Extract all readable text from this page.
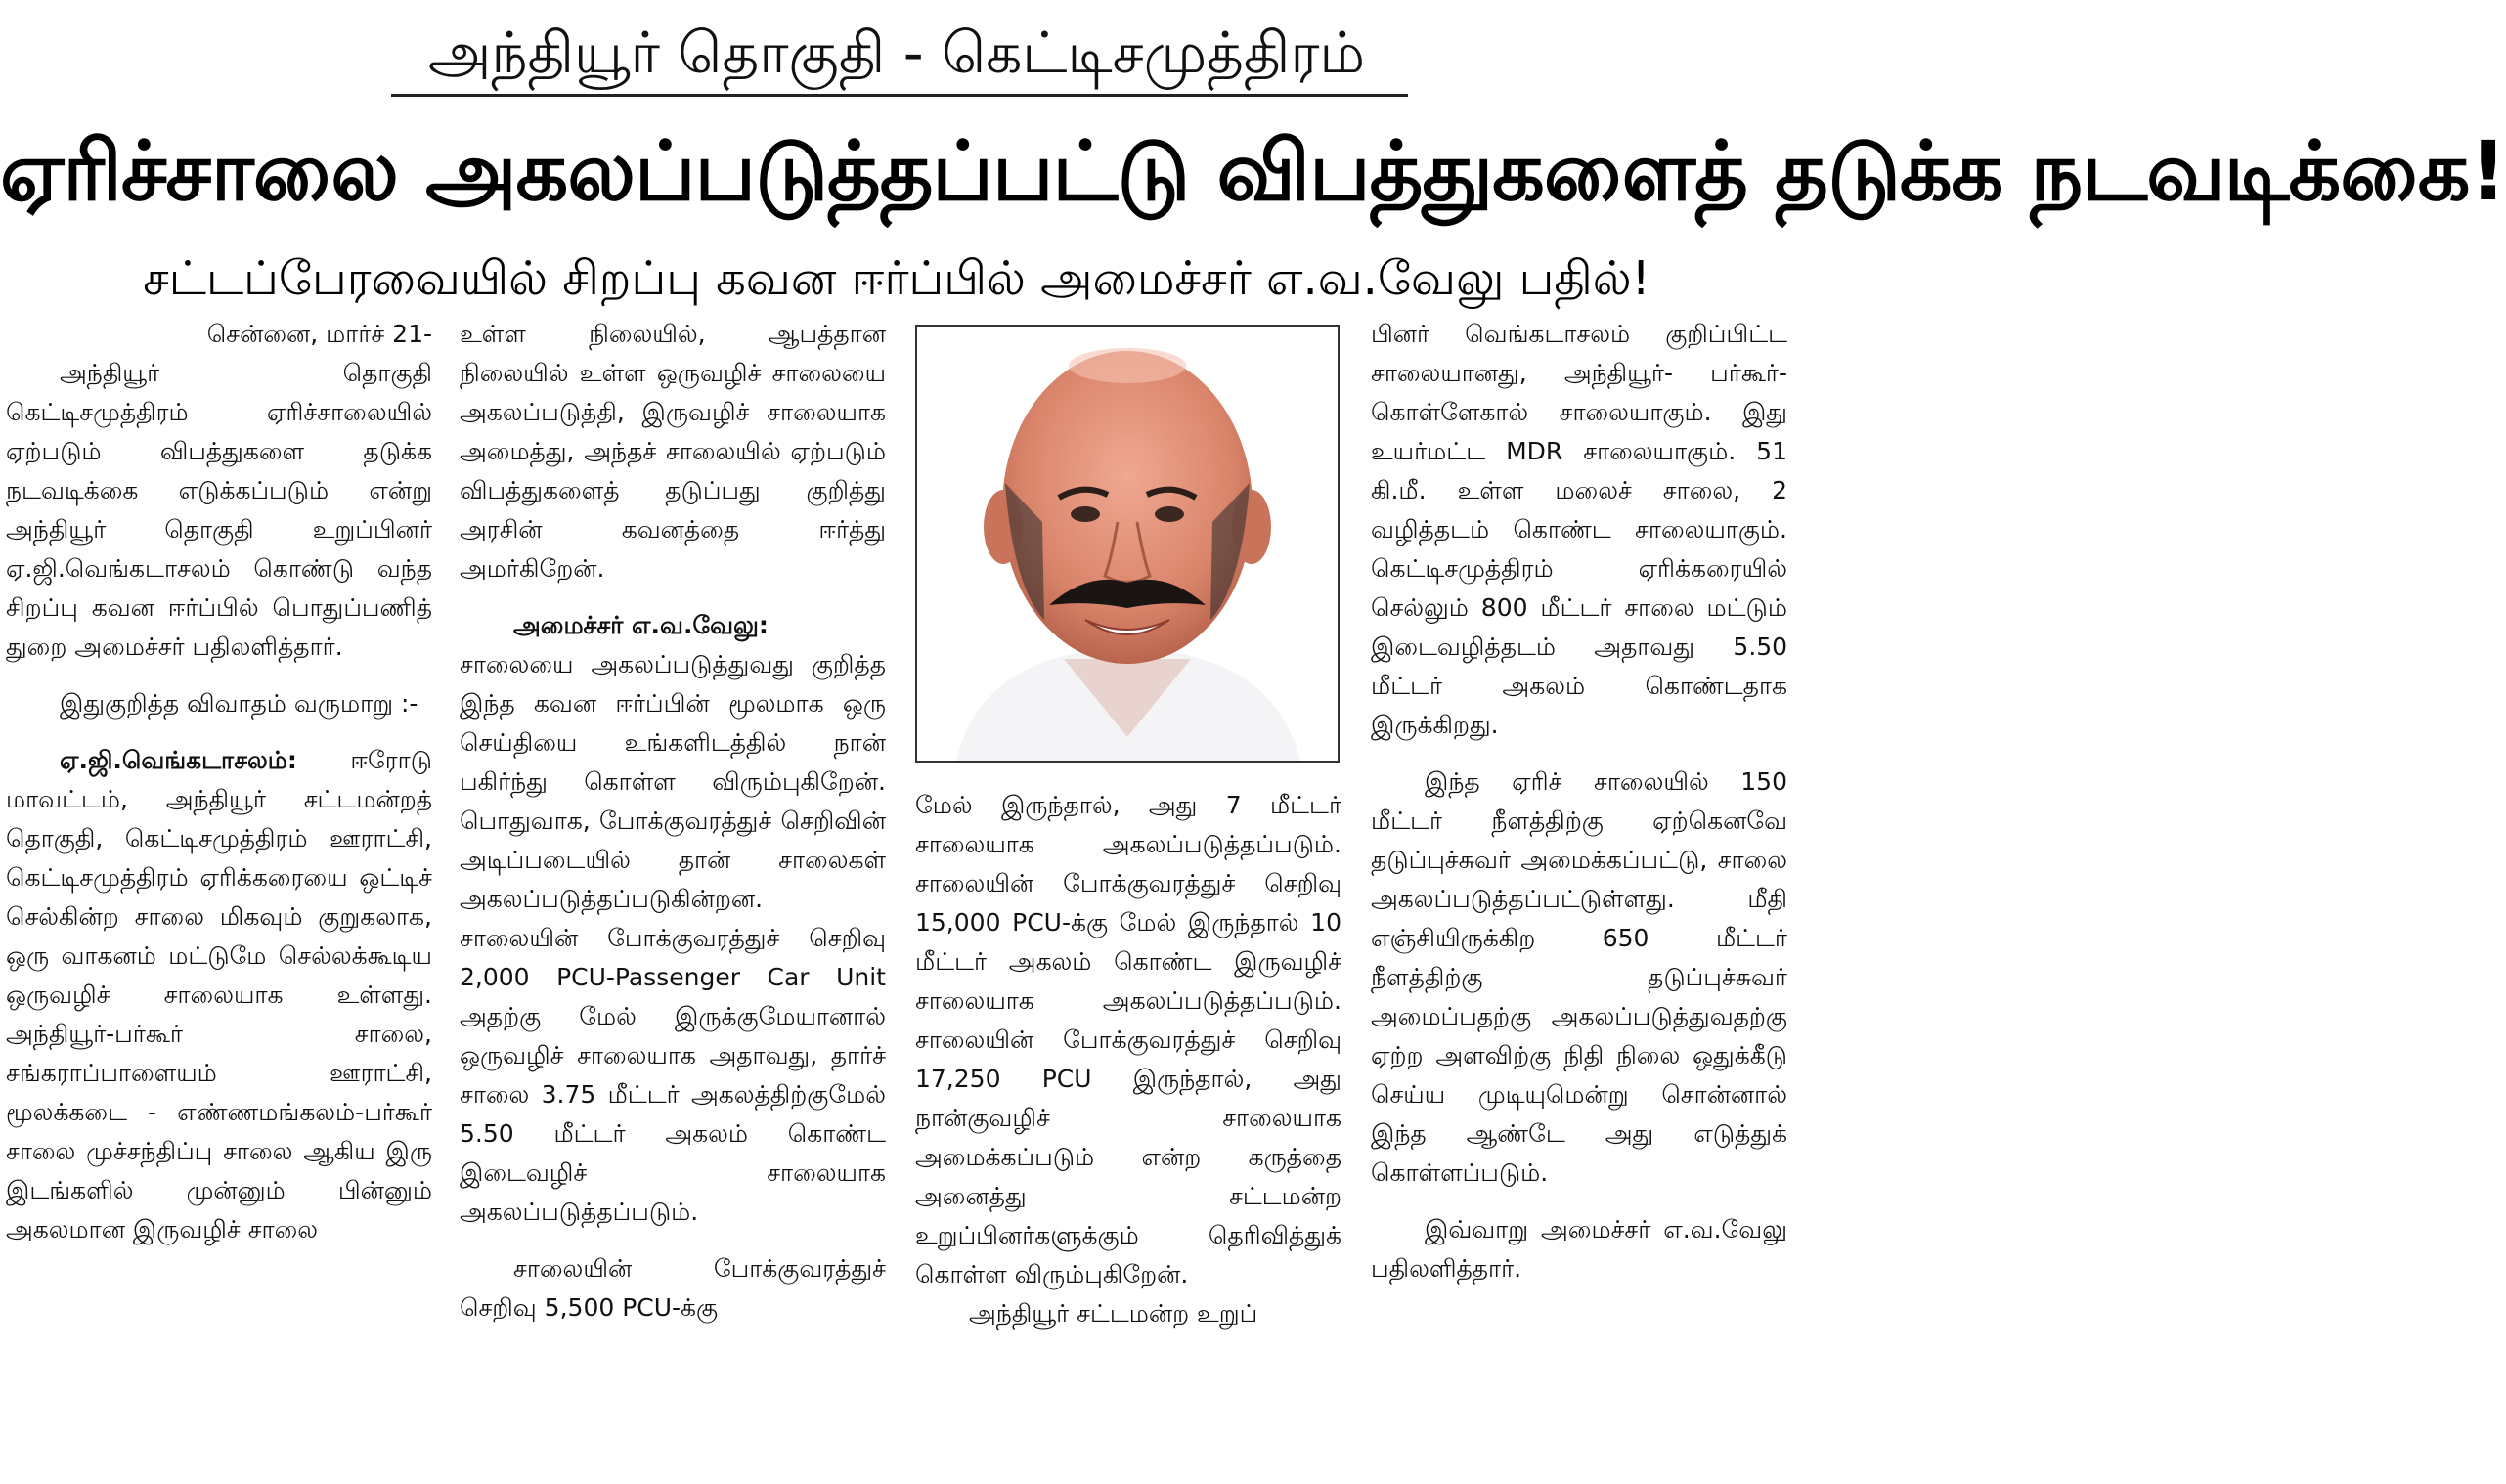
அந்தியூர் தொகுதி - கெட்டிசமுத்திரம்
ஏரிச்சாலை அகலப்படுத்தப்பட்டு விபத்துகளைத் தடுக்க நடவடிக்கை!
சட்டப்பேரவையில் சிறப்பு கவன ஈர்ப்பில் அமைச்சர் எ.வ.வேலு பதில்!

சென்னை, மார்ச் 21-

அந்தியூர் தொகுதி கெட்டிசமுத்திரம் ஏரிச்சாலையில் ஏற்படும் விபத்துகளை தடுக்க நடவடிக்கை எடுக்கப்படும் என்று அந்தியூர் தொகுதி உறுப்பினர் ஏ.ஜி.வெங்கடாசலம் கொண்டு வந்த சிறப்பு கவன ஈர்ப்பில் பொதுப்பணித் துறை அமைச்சர் பதிலளித்தார்.

இதுகுறித்த விவாதம் வருமாறு :-

ஏ.ஜி.வெங்கடாசலம்: ஈரோடு மாவட்டம், அந்தியூர் சட்டமன்றத் தொகுதி, கெட்டிசமுத்திரம் ஊராட்சி, கெட்டிசமுத்திரம் ஏரிக்கரையை ஒட்டிச் செல்கின்ற சாலை மிகவும் குறுகலாக, ஒரு வாகனம் மட்டுமே செல்லக்கூடிய ஒருவழிச் சாலையாக உள்ளது. அந்தியூர்-பர்கூர் சாலை, சங்கராப்பாளையம் ஊராட்சி, மூலக்கடை - எண்ணமங்கலம்-பர்கூர் சாலை முச்சந்திப்பு சாலை ஆகிய இரு இடங்களில் முன்னும் பின்னும் அகலமான இருவழிச் சாலை

உள்ள நிலையில், ஆபத்தான நிலையில் உள்ள ஒருவழிச் சாலையை அகலப்படுத்தி, இருவழிச் சாலையாக அமைத்து, அந்தச் சாலையில் ஏற்படும் விபத்துகளைத் தடுப்பது குறித்து அரசின் கவனத்தை ஈர்த்து அமர்கிறேன்.

அமைச்சர் எ.வ.வேலு:

சாலையை அகலப்படுத்துவது குறித்த இந்த கவன ஈர்ப்பின் மூலமாக ஒரு செய்தியை உங்களிடத்தில் நான் பகிர்ந்து கொள்ள விரும்புகிறேன். பொதுவாக, போக்குவரத்துச் செறிவின் அடிப்படையில் தான் சாலைகள் அகலப்படுத்தப்படுகின்றன. சாலையின் போக்குவரத்துச் செறிவு 2,000 PCU-Passenger Car Unit அதற்கு மேல் இருக்குமேயானால் ஒருவழிச் சாலையாக அதாவது, தார்ச் சாலை 3.75 மீட்டர் அகலத்திற்குமேல் 5.50 மீட்டர் அகலம் கொண்ட இடைவழிச் சாலையாக அகலப்படுத்தப்படும்.

சாலையின் போக்குவரத்துச் செறிவு 5,500 PCU-க்கு

மேல் இருந்தால், அது 7 மீட்டர் சாலையாக அகலப்படுத்தப்படும். சாலையின் போக்குவரத்துச் செறிவு 15,000 PCU-க்கு மேல் இருந்தால் 10 மீட்டர் அகலம் கொண்ட இருவழிச் சாலையாக அகலப்படுத்தப்படும். சாலையின் போக்குவரத்துச் செறிவு 17,250 PCU இருந்தால், அது நான்குவழிச் சாலையாக அமைக்கப்படும் என்ற கருத்தை அனைத்து சட்டமன்ற உறுப்பினர்களுக்கும் தெரிவித்துக் கொள்ள விரும்புகிறேன்.

அந்தியூர் சட்டமன்ற உறுப்

பினர் வெங்கடாசலம் குறிப்பிட்ட சாலையானது, அந்தியூர்- பர்கூர்-கொள்ளேகால் சாலையாகும். இது உயர்மட்ட MDR சாலையாகும். 51 கி.மீ. உள்ள மலைச் சாலை, 2 வழித்தடம் கொண்ட சாலையாகும். கெட்டிசமுத்திரம் ஏரிக்கரையில் செல்லும் 800 மீட்டர் சாலை மட்டும் இடைவழித்தடம் அதாவது 5.50 மீட்டர் அகலம் கொண்டதாக இருக்கிறது.

இந்த ஏரிச் சாலையில் 150 மீட்டர் நீளத்திற்கு ஏற்கெனவே தடுப்புச்சுவர் அமைக்கப்பட்டு, சாலை அகலப்படுத்தப்பட்டுள்ளது. மீதி எஞ்சியிருக்கிற 650 மீட்டர் நீளத்திற்கு தடுப்புச்சுவர் அமைப்பதற்கு அகலப்படுத்துவதற்கு ஏற்ற அளவிற்கு நிதி நிலை ஒதுக்கீடு செய்ய முடியுமென்று சொன்னால் இந்த ஆண்டே அது எடுத்துக் கொள்ளப்படும்.

இவ்வாறு அமைச்சர் எ.வ.வேலு பதிலளித்தார்.
